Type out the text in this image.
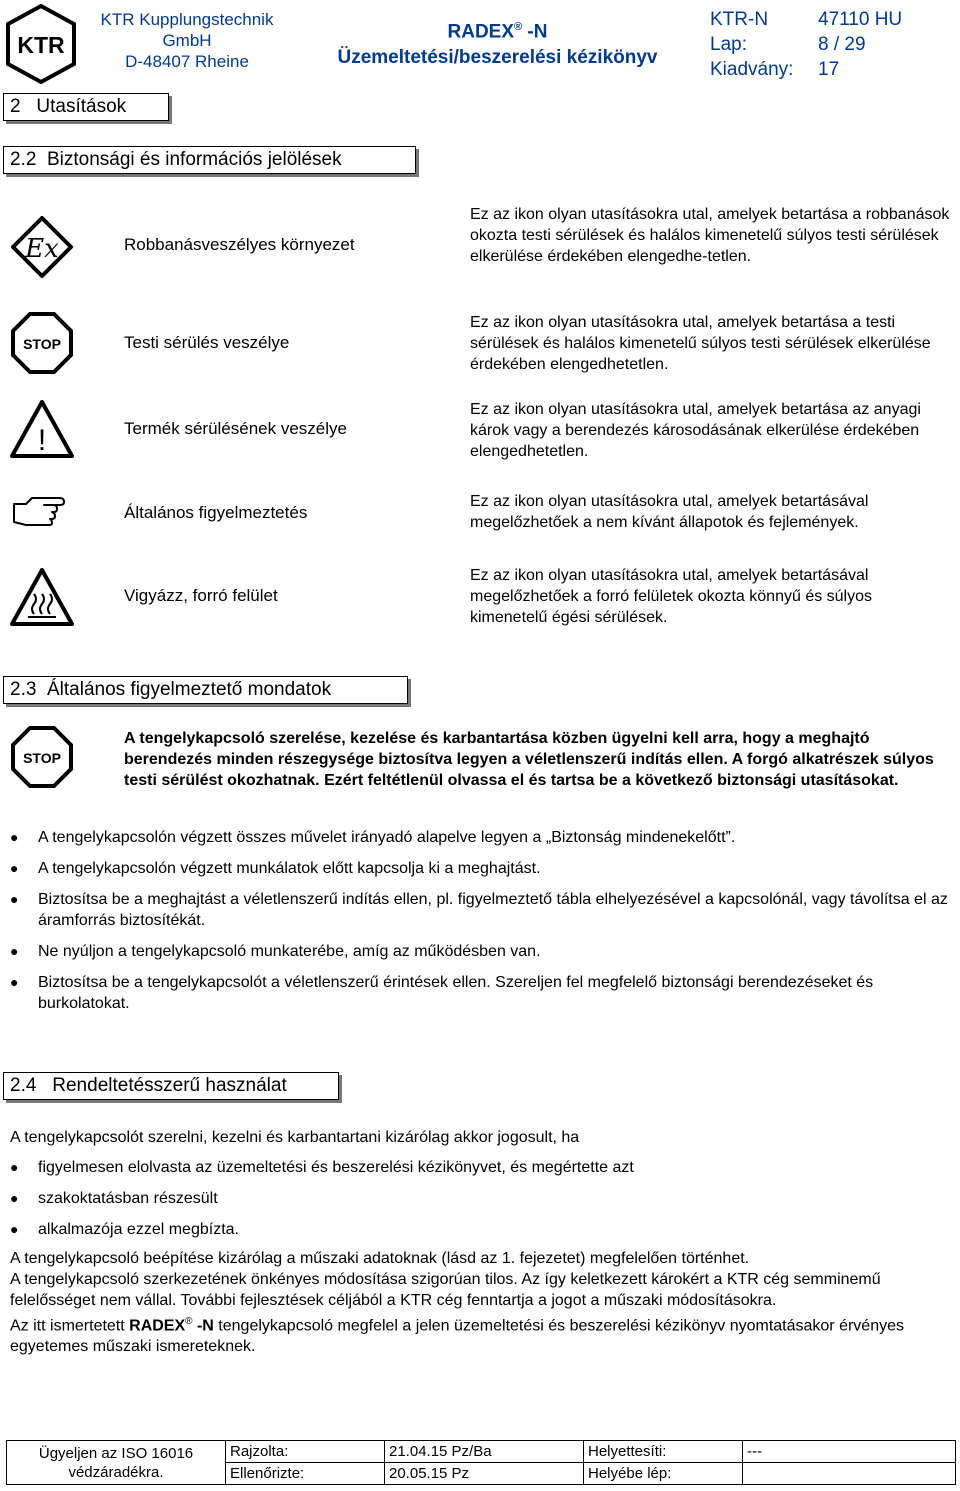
KTR
KTR Kupplungstechnik
GmbH
D-48407 Rheine
RADEX® -N
Üzemeltetési/beszerelési kézikönyv
KTR-N	47110 HU
Lap:	8 / 29
Kiadvány:	17
2 Utasítások
2.2 Biztonsági és információs jelölések
Ex	Robbanásveszélyes környezet
Ez az ikon olyan utasításokra utal, amelyek betartása a robbanások okozta testi sérülések és halálos kimenetelű súlyos testi sérülések elkerülése érdekében elengedhe-tetlen.
STOP	Testi sérülés veszélye
Ez az ikon olyan utasításokra utal, amelyek betartása a testi sérülések és halálos kimenetelű súlyos testi sérülések elkerülése érdekében elengedhetetlen.
!	Termék sérülésének veszélye
Ez az ikon olyan utasításokra utal, amelyek betartása az anyagi károk vagy a berendezés károsodásának elkerülése érdekében elengedhetetlen.
Általános figyelmeztetés
Ez az ikon olyan utasításokra utal, amelyek betartásával megelőzhetőek a nem kívánt állapotok és fejlemények.
Vigyázz, forró felület
Ez az ikon olyan utasításokra utal, amelyek betartásával megelőzhetőek a forró felületek okozta könnyű és súlyos kimenetelű égési sérülések.
2.3 Általános figyelmeztető mondatok
STOP
A tengelykapcsoló szerelése, kezelése és karbantartása közben ügyelni kell arra, hogy a meghajtó berendezés minden részegysége biztosítva legyen a véletlenszerű indítás ellen. A forgó alkatrészek súlyos testi sérülést okozhatnak. Ezért feltétlenül olvassa el és tartsa be a következő biztonsági utasításokat.
●	A tengelykapcsolón végzett összes művelet irányadó alapelve legyen a „Biztonság mindenekelőtt”.
●	A tengelykapcsolón végzett munkálatok előtt kapcsolja ki a meghajtást.
●	Biztosítsa be a meghajtást a véletlenszerű indítás ellen, pl. figyelmeztető tábla elhelyezésével a kapcsolónál, vagy távolítsa el az áramforrás biztosítékát.
●	Ne nyúljon a tengelykapcsoló munkaterébe, amíg az működésben van.
●	Biztosítsa be a tengelykapcsolót a véletlenszerű érintések ellen. Szereljen fel megfelelő biztonsági berendezéseket és burkolatokat.
2.4 Rendeltetésszerű használat
A tengelykapcsolót szerelni, kezelni és karbantartani kizárólag akkor jogosult, ha
●	figyelmesen elolvasta az üzemeltetési és beszerelési kézikönyvet, és megértette azt
●	szakoktatásban részesült
●	alkalmazója ezzel megbízta.
A tengelykapcsoló beépítése kizárólag a műszaki adatoknak (lásd az 1. fejezetet) megfelelően történhet.
A tengelykapcsoló szerkezetének önkényes módosítása szigorúan tilos. Az így keletkezett károkért a KTR cég semminemű felelősséget nem vállal. További fejlesztések céljából a KTR cég fenntartja a jogot a műszaki módosításokra.
Az itt ismertetett RADEX® -N tengelykapcsoló megfelel a jelen üzemeltetési és beszerelési kézikönyv nyomtatásakor érvényes egyetemes műszaki ismereteknek.
Ügyeljen az ISO 16016
védzáradékra.	Rajzolta:	21.04.15 Pz/Ba	Helyettesíti:	---
	Ellenőrizte:	20.05.15 Pz	Helyébe lép:	
